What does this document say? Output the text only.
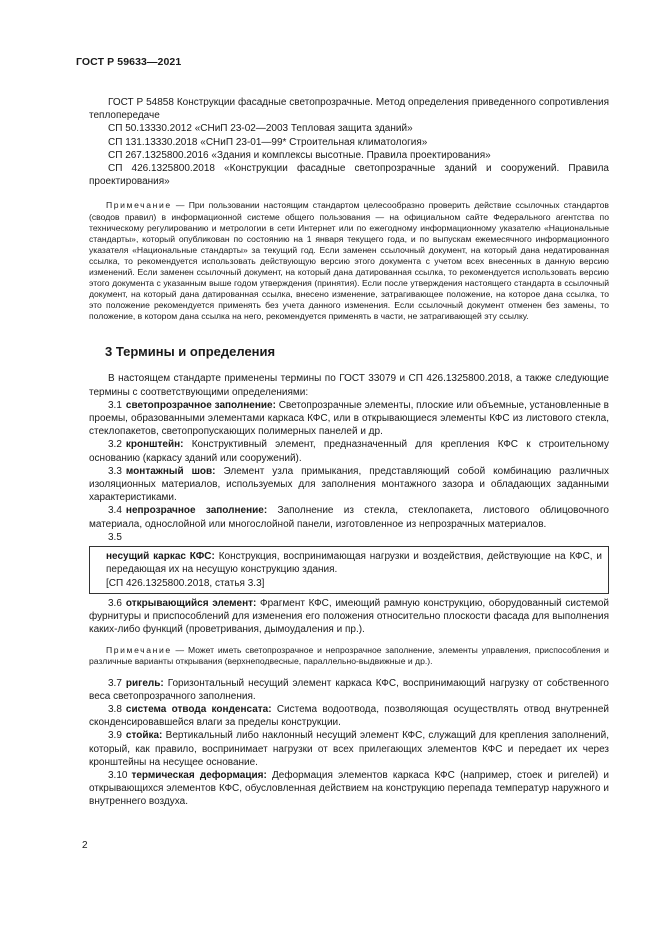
ГОСТ Р 59633—2021

ГОСТ Р 54858 Конструкции фасадные светопрозрачные. Метод определения приведенного сопротивления теплопередаче

СП 50.13330.2012 «СНиП 23-02—2003 Тепловая защита зданий»

СП 131.13330.2018 «СНиП 23-01—99* Строительная климатология»

СП 267.1325800.2016 «Здания и комплексы высотные. Правила проектирования»

СП 426.1325800.2018 «Конструкции фасадные светопрозрачные зданий и сооружений. Правила проектирования»

Примечание — При пользовании настоящим стандартом целесообразно проверить действие ссылочных стандартов (сводов правил) в информационной системе общего пользования — на официальном сайте Федерального агентства по техническому регулированию и метрологии в сети Интернет или по ежегодному информационному указателю «Национальные стандарты», который опубликован по состоянию на 1 января текущего года, и по выпускам ежемесячного информационного указателя «Национальные стандарты» за текущий год. Если заменен ссылочный документ, на который дана недатированная ссылка, то рекомендуется использовать действующую версию этого документа с учетом всех внесенных в данную версию изменений. Если заменен ссылочный документ, на который дана датированная ссылка, то рекомендуется использовать версию этого документа с указанным выше годом утверждения (принятия). Если после утверждения настоящего стандарта в ссылочный документ, на который дана датированная ссылка, внесено изменение, затрагивающее положение, на которое дана ссылка, то это положение рекомендуется применять без учета данного изменения. Если ссылочный документ отменен без замены, то положение, в котором дана ссылка на него, рекомендуется применять в части, не затрагивающей эту ссылку.

3 Термины и определения

В настоящем стандарте применены термины по ГОСТ 33079 и СП 426.1325800.2018, а также следующие термины с соответствующими определениями:

3.1 светопрозрачное заполнение: Светопрозрачные элементы, плоские или объемные, установленные в проемы, образованными элементами каркаса КФС, или в открывающиеся элементы КФС из листового стекла, стеклопакетов, светопропускающих полимерных панелей и др.

3.2 кронштейн: Конструктивный элемент, предназначенный для крепления КФС к строительному основанию (каркасу зданий или сооружений).

3.3 монтажный шов: Элемент узла примыкания, представляющий собой комбинацию различных изоляционных материалов, используемых для заполнения монтажного зазора и обладающих заданными характеристиками.

3.4 непрозрачное заполнение: Заполнение из стекла, стеклопакета, листового облицовочного материала, однослойной или многослойной панели, изготовленное из непрозрачных материалов.

3.5

несущий каркас КФС: Конструкция, воспринимающая нагрузки и воздействия, действующие на КФС, и передающая их на несущую конструкцию здания.

[СП 426.1325800.2018, статья 3.3]

3.6 открывающийся элемент: Фрагмент КФС, имеющий рамную конструкцию, оборудованный системой фурнитуры и приспособлений для изменения его положения относительно плоскости фасада для выполнения каких-либо функций (проветривания, дымоудаления и пр.).

Примечание — Может иметь светопрозрачное и непрозрачное заполнение, элементы управления, приспособления и различные варианты открывания (верхнеподвесные, параллельно-выдвижные и др.).

3.7 ригель: Горизонтальный несущий элемент каркаса КФС, воспринимающий нагрузку от собственного веса светопрозрачного заполнения.

3.8 система отвода конденсата: Система водоотвода, позволяющая осуществлять отвод внутренней сконденсировавшейся влаги за пределы конструкции.

3.9 стойка: Вертикальный либо наклонный несущий элемент КФС, служащий для крепления заполнений, который, как правило, воспринимает нагрузки от всех прилегающих элементов КФС и передает их через кронштейны на несущее основание.

3.10 термическая деформация: Деформация элементов каркаса КФС (например, стоек и ригелей) и открывающихся элементов КФС, обусловленная действием на конструкцию перепада температур наружного и внутреннего воздуха.

2
